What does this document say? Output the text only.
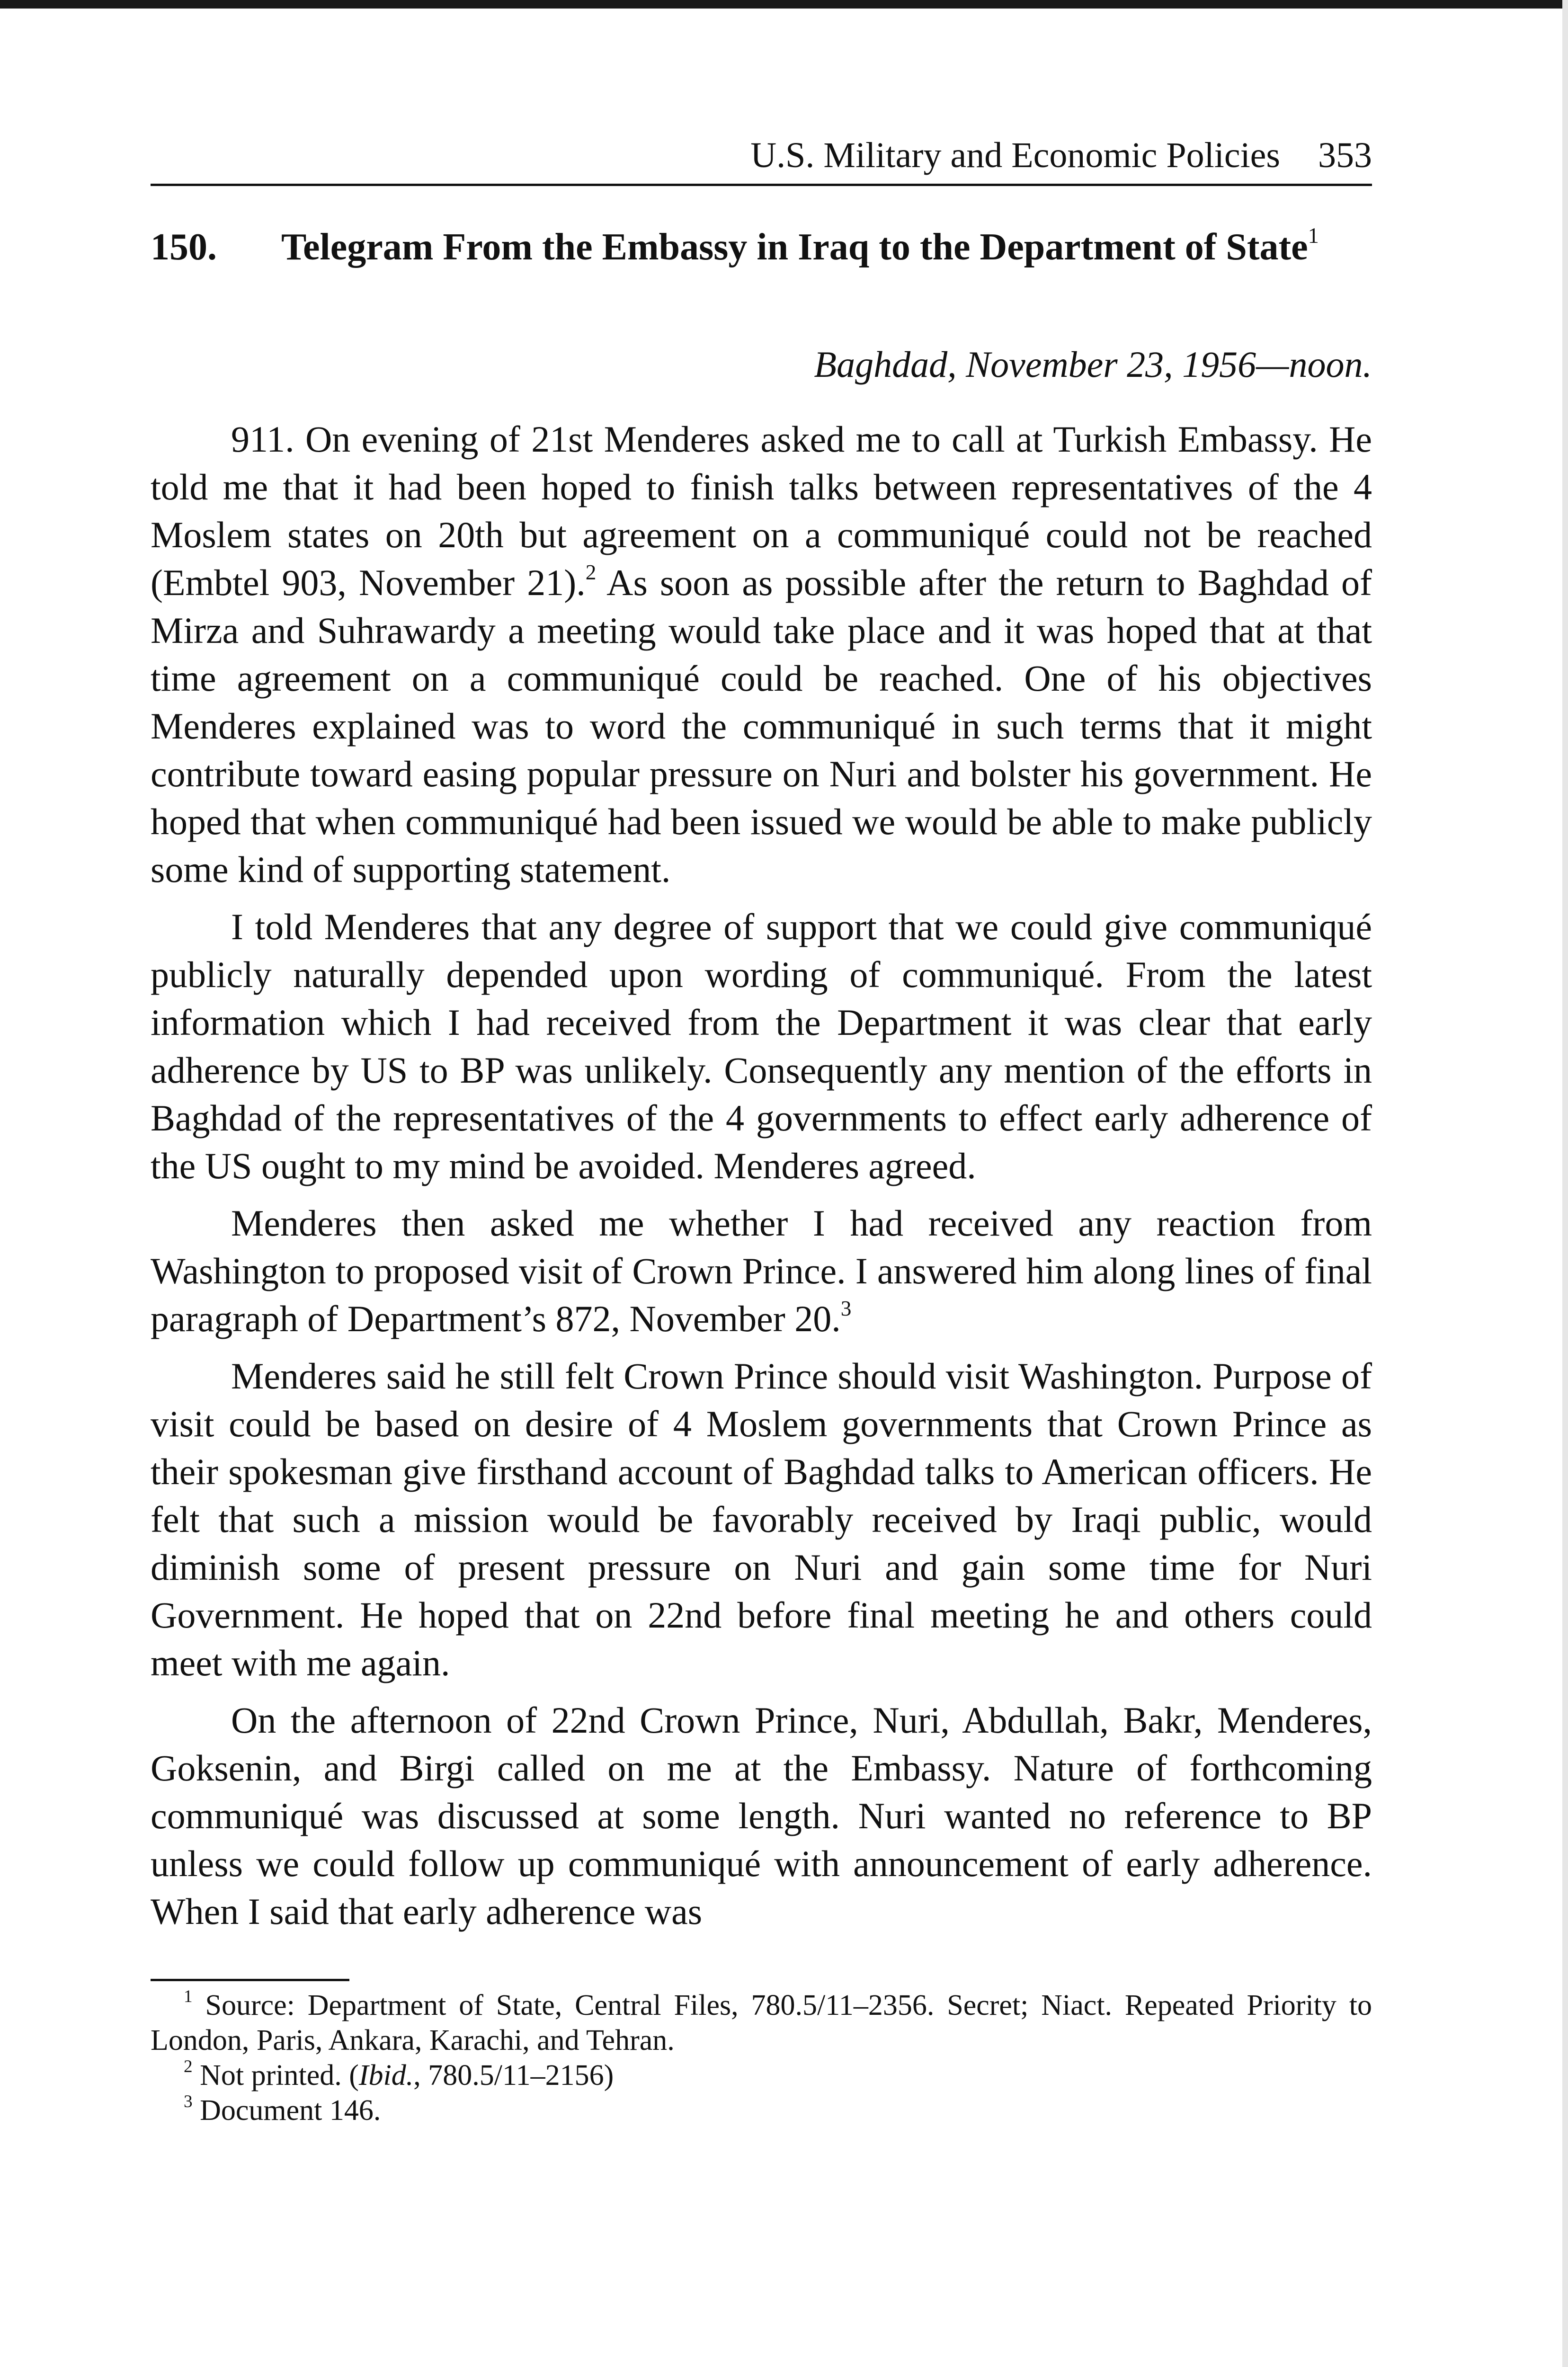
U.S. Military and Economic Policies 353
150.	Telegram From the Embassy in Iraq to the Department of State$^1$
Baghdad, November 23, 1956—noon.

911. On evening of 21st Menderes asked me to call at Turkish Embassy. He told me that it had been hoped to finish talks between representatives of the 4 Moslem states on 20th but agreement on a communiqué could not be reached (Embtel 903, November 21).$^2$ As soon as possible after the return to Baghdad of Mirza and Suhrawardy a meeting would take place and it was hoped that at that time agreement on a communiqué could be reached. One of his objectives Menderes explained was to word the communiqué in such terms that it might contribute toward easing popular pressure on Nuri and bolster his government. He hoped that when communiqué had been issued we would be able to make publicly some kind of supporting statement.

I told Menderes that any degree of support that we could give communiqué publicly naturally depended upon wording of communiqué. From the latest information which I had received from the Department it was clear that early adherence by US to BP was unlikely. Consequently any mention of the efforts in Baghdad of the representatives of the 4 governments to effect early adherence of the US ought to my mind be avoided. Menderes agreed.

Menderes then asked me whether I had received any reaction from Washington to proposed visit of Crown Prince. I answered him along lines of final paragraph of Department’s 872, November 20.$^3$

Menderes said he still felt Crown Prince should visit Washington. Purpose of visit could be based on desire of 4 Moslem governments that Crown Prince as their spokesman give firsthand account of Baghdad talks to American officers. He felt that such a mission would be favorably received by Iraqi public, would diminish some of present pressure on Nuri and gain some time for Nuri Government. He hoped that on 22nd before final meeting he and others could meet with me again.

On the afternoon of 22nd Crown Prince, Nuri, Abdullah, Bakr, Menderes, Goksenin, and Birgi called on me at the Embassy. Nature of forthcoming communiqué was discussed at some length. Nuri wanted no reference to BP unless we could follow up communiqué with announcement of early adherence. When I said that early adherence was

$^1$ Source: Department of State, Central Files, 780.5/11–2356. Secret; Niact. Repeated Priority to London, Paris, Ankara, Karachi, and Tehran.

$^2$ Not printed. (Ibid., 780.5/11–2156)

$^3$ Document 146.
